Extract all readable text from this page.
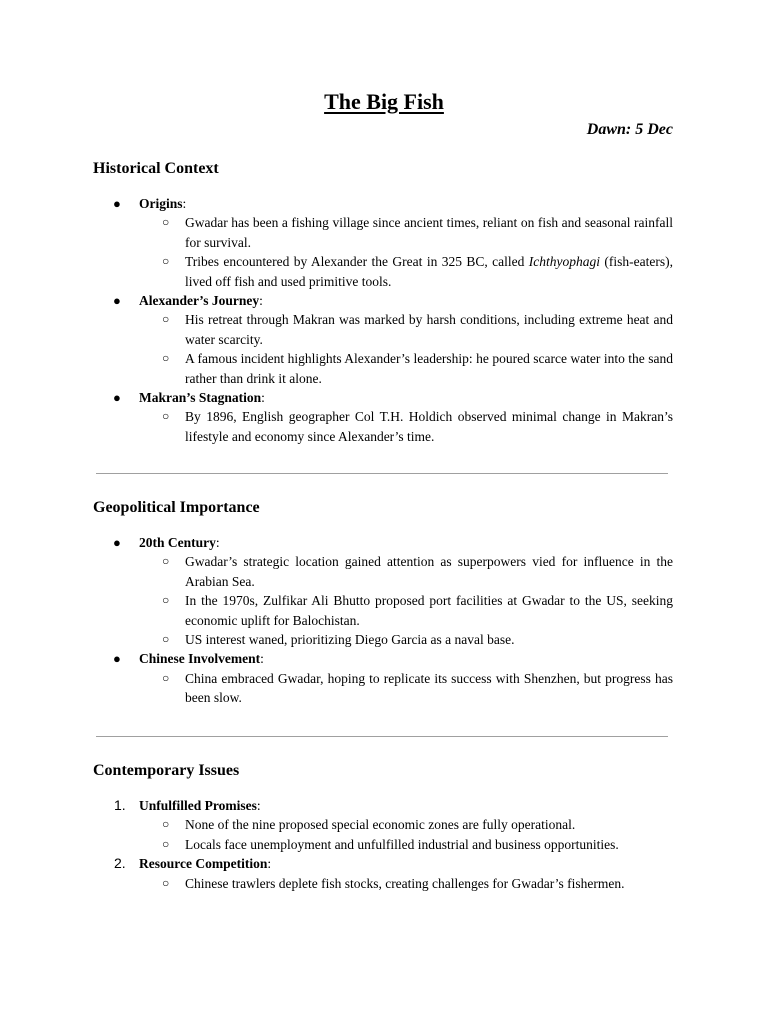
The Big Fish
Dawn: 5 Dec
Historical Context
●	Origins:
○ Gwadar has been a fishing village since ancient times, reliant on fish and seasonal rainfall for survival.
○ Tribes encountered by Alexander the Great in 325 BC, called Ichthyophagi (fish-eaters), lived off fish and used primitive tools.
●	Alexander’s Journey:
○ His retreat through Makran was marked by harsh conditions, including extreme heat and water scarcity.
○ A famous incident highlights Alexander’s leadership: he poured scarce water into the sand rather than drink it alone.
●	Makran’s Stagnation:
○ By 1896, English geographer Col T.H. Holdich observed minimal change in Makran’s lifestyle and economy since Alexander’s time.
Geopolitical Importance
●	20th Century:
○ Gwadar’s strategic location gained attention as superpowers vied for influence in the Arabian Sea.
○ In the 1970s, Zulfikar Ali Bhutto proposed port facilities at Gwadar to the US, seeking economic uplift for Balochistan.
○ US interest waned, prioritizing Diego Garcia as a naval base.
●	Chinese Involvement:
○ China embraced Gwadar, hoping to replicate its success with Shenzhen, but progress has been slow.
Contemporary Issues
1. Unfulfilled Promises:
○ None of the nine proposed special economic zones are fully operational.
○ Locals face unemployment and unfulfilled industrial and business opportunities.
2. Resource Competition:
○ Chinese trawlers deplete fish stocks, creating challenges for Gwadar’s fishermen.
